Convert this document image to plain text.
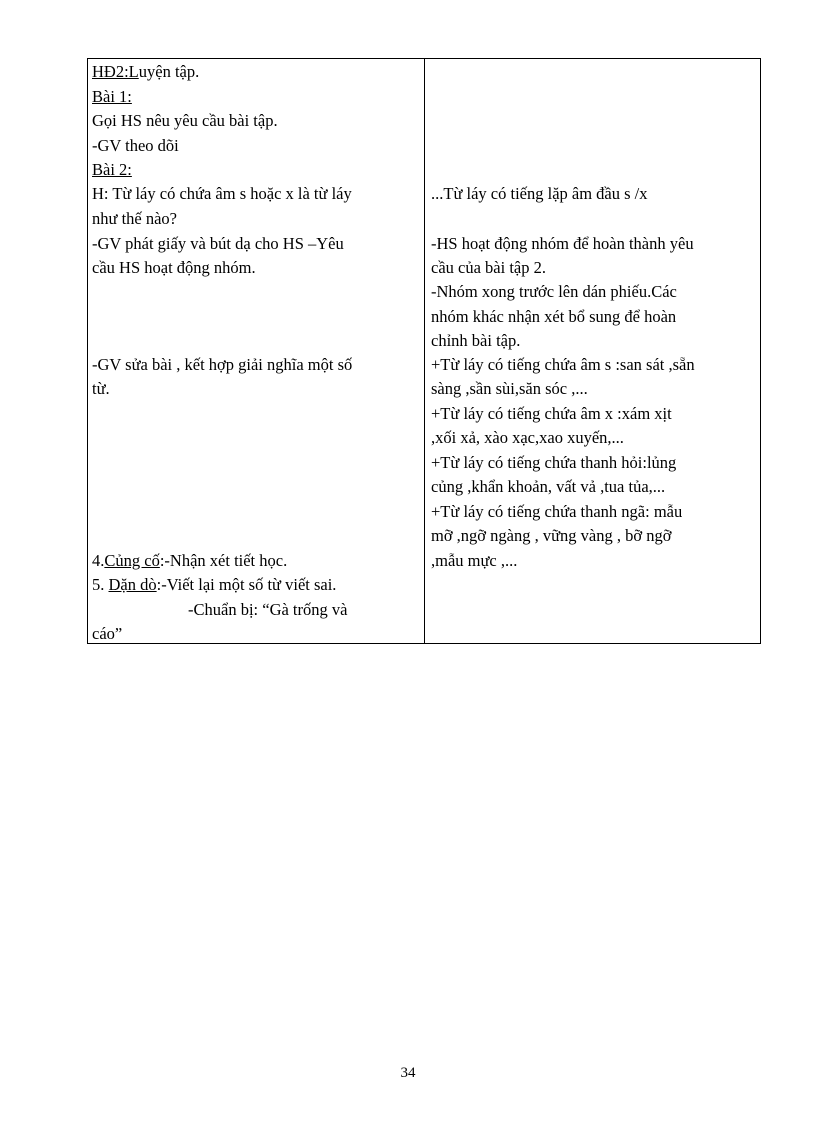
HĐ2:Luyện tập.
Bài 1:
Gọi HS nêu yêu cầu bài tập.
-GV theo dõi
Bài 2:
H: Từ láy có chứa âm s hoặc x là từ láy
như thế nào?
-GV phát giấy và bút dạ cho HS –Yêu
cầu HS hoạt động nhóm.
-GV sửa bài , kết hợp giải nghĩa một số
từ.
4.Củng cố:-Nhận xét tiết học.
5. Dặn dò:-Viết lại một số từ viết sai.
-Chuẩn bị: “Gà trống và
cáo”
...Từ láy có tiếng lặp âm đầu s /x
-HS hoạt động nhóm để hoàn thành yêu
cầu của bài tập 2.
-Nhóm xong trước lên dán phiếu.Các
nhóm khác nhận xét bổ sung để hoàn
chỉnh bài tập.
+Từ láy có tiếng chứa âm s :san sát ,sẵn
sàng ,sần sùi,săn sóc ,...
+Từ láy có tiếng chứa âm x :xám xịt
,xối xả, xào xạc,xao xuyến,...
+Từ láy có tiếng chứa thanh hỏi:lủng
củng ,khẩn khoản, vất vả ,tua tủa,...
+Từ láy có tiếng chứa thanh ngã: mẫu
mỡ ,ngỡ ngàng , vững vàng , bỡ ngỡ
,mẫu mực ,...
34
